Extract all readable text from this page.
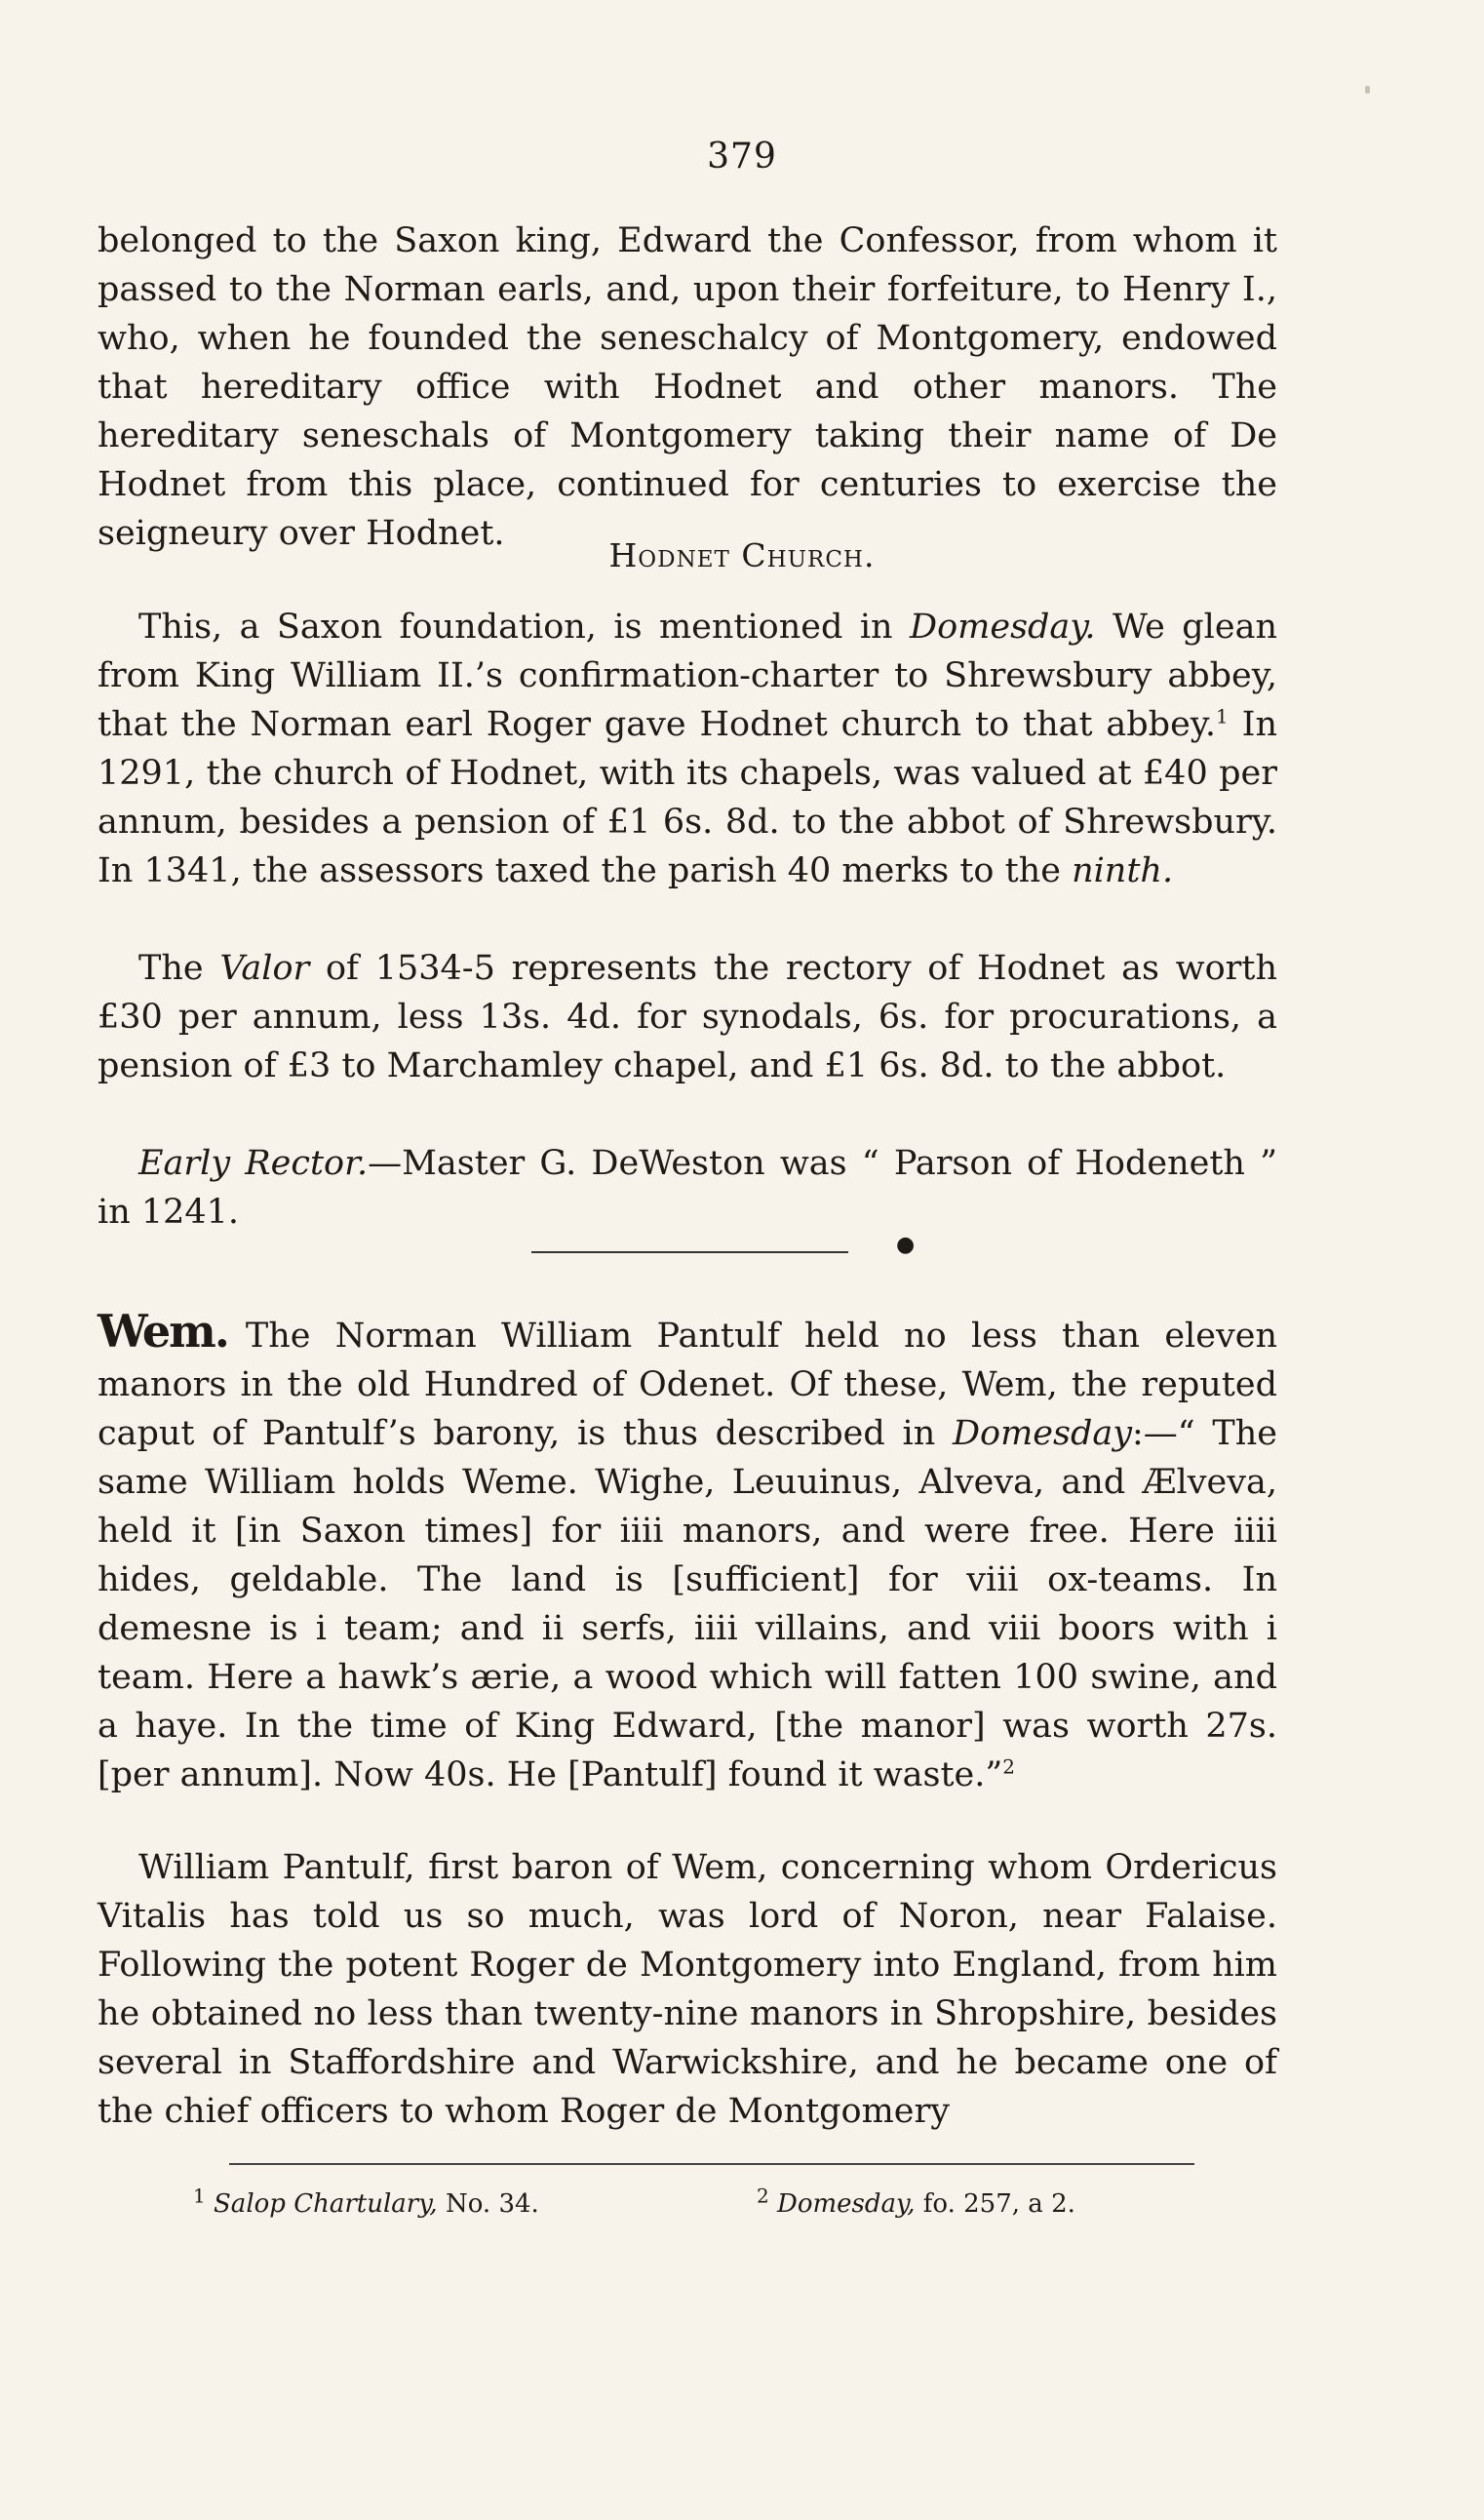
379

belonged to the Saxon king, Edward the Confessor, from whom it passed to the Norman earls, and, upon their forfeiture, to Henry I., who, when he founded the seneschalcy of Montgomery, endowed that hereditary office with Hodnet and other manors. The hereditary seneschals of Montgomery taking their name of De Hodnet from this place, continued for centuries to exercise the seigneury over Hodnet.

Hodnet Church.

This, a Saxon foundation, is mentioned in Domesday. We glean from King William II.’s confirmation-charter to Shrewsbury abbey, that the Norman earl Roger gave Hodnet church to that abbey.$^1$ In 1291, the church of Hodnet, with its chapels, was valued at £40 per annum, besides a pension of £1 6s. 8d. to the abbot of Shrewsbury. In 1341, the assessors taxed the parish 40 merks to the ninth.

The Valor of 1534-5 represents the rectory of Hodnet as worth £30 per annum, less 13s. 4d. for synodals, 6s. for procurations, a pension of £3 to Marchamley chapel, and £1 6s. 8d. to the abbot.

Early Rector.—Master G. DeWeston was “ Parson of Hodeneth ” in 1241.

●

Wem. The Norman William Pantulf held no less than eleven manors in the old Hundred of Odenet. Of these, Wem, the reputed caput of Pantulf’s barony, is thus described in Domesday:—“ The same William holds Weme. Wighe, Leuuinus, Alveva, and Ælveva, held it [in Saxon times] for iiii manors, and were free. Here iiii hides, geldable. The land is [sufficient] for viii ox-teams. In demesne is i team; and ii serfs, iiii villains, and viii boors with i team. Here a hawk’s ærie, a wood which will fatten 100 swine, and a haye. In the time of King Edward, [the manor] was worth 27s. [per annum]. Now 40s. He [Pantulf] found it waste.”$^2$

William Pantulf, first baron of Wem, concerning whom Ordericus Vitalis has told us so much, was lord of Noron, near Falaise. Following the potent Roger de Montgomery into England, from him he obtained no less than twenty-nine manors in Shropshire, besides several in Staffordshire and Warwickshire, and he became one of the chief officers to whom Roger de Montgomery

$^1$ Salop Chartulary, No. 34.	$^2$ Domesday, fo. 257, a 2.
